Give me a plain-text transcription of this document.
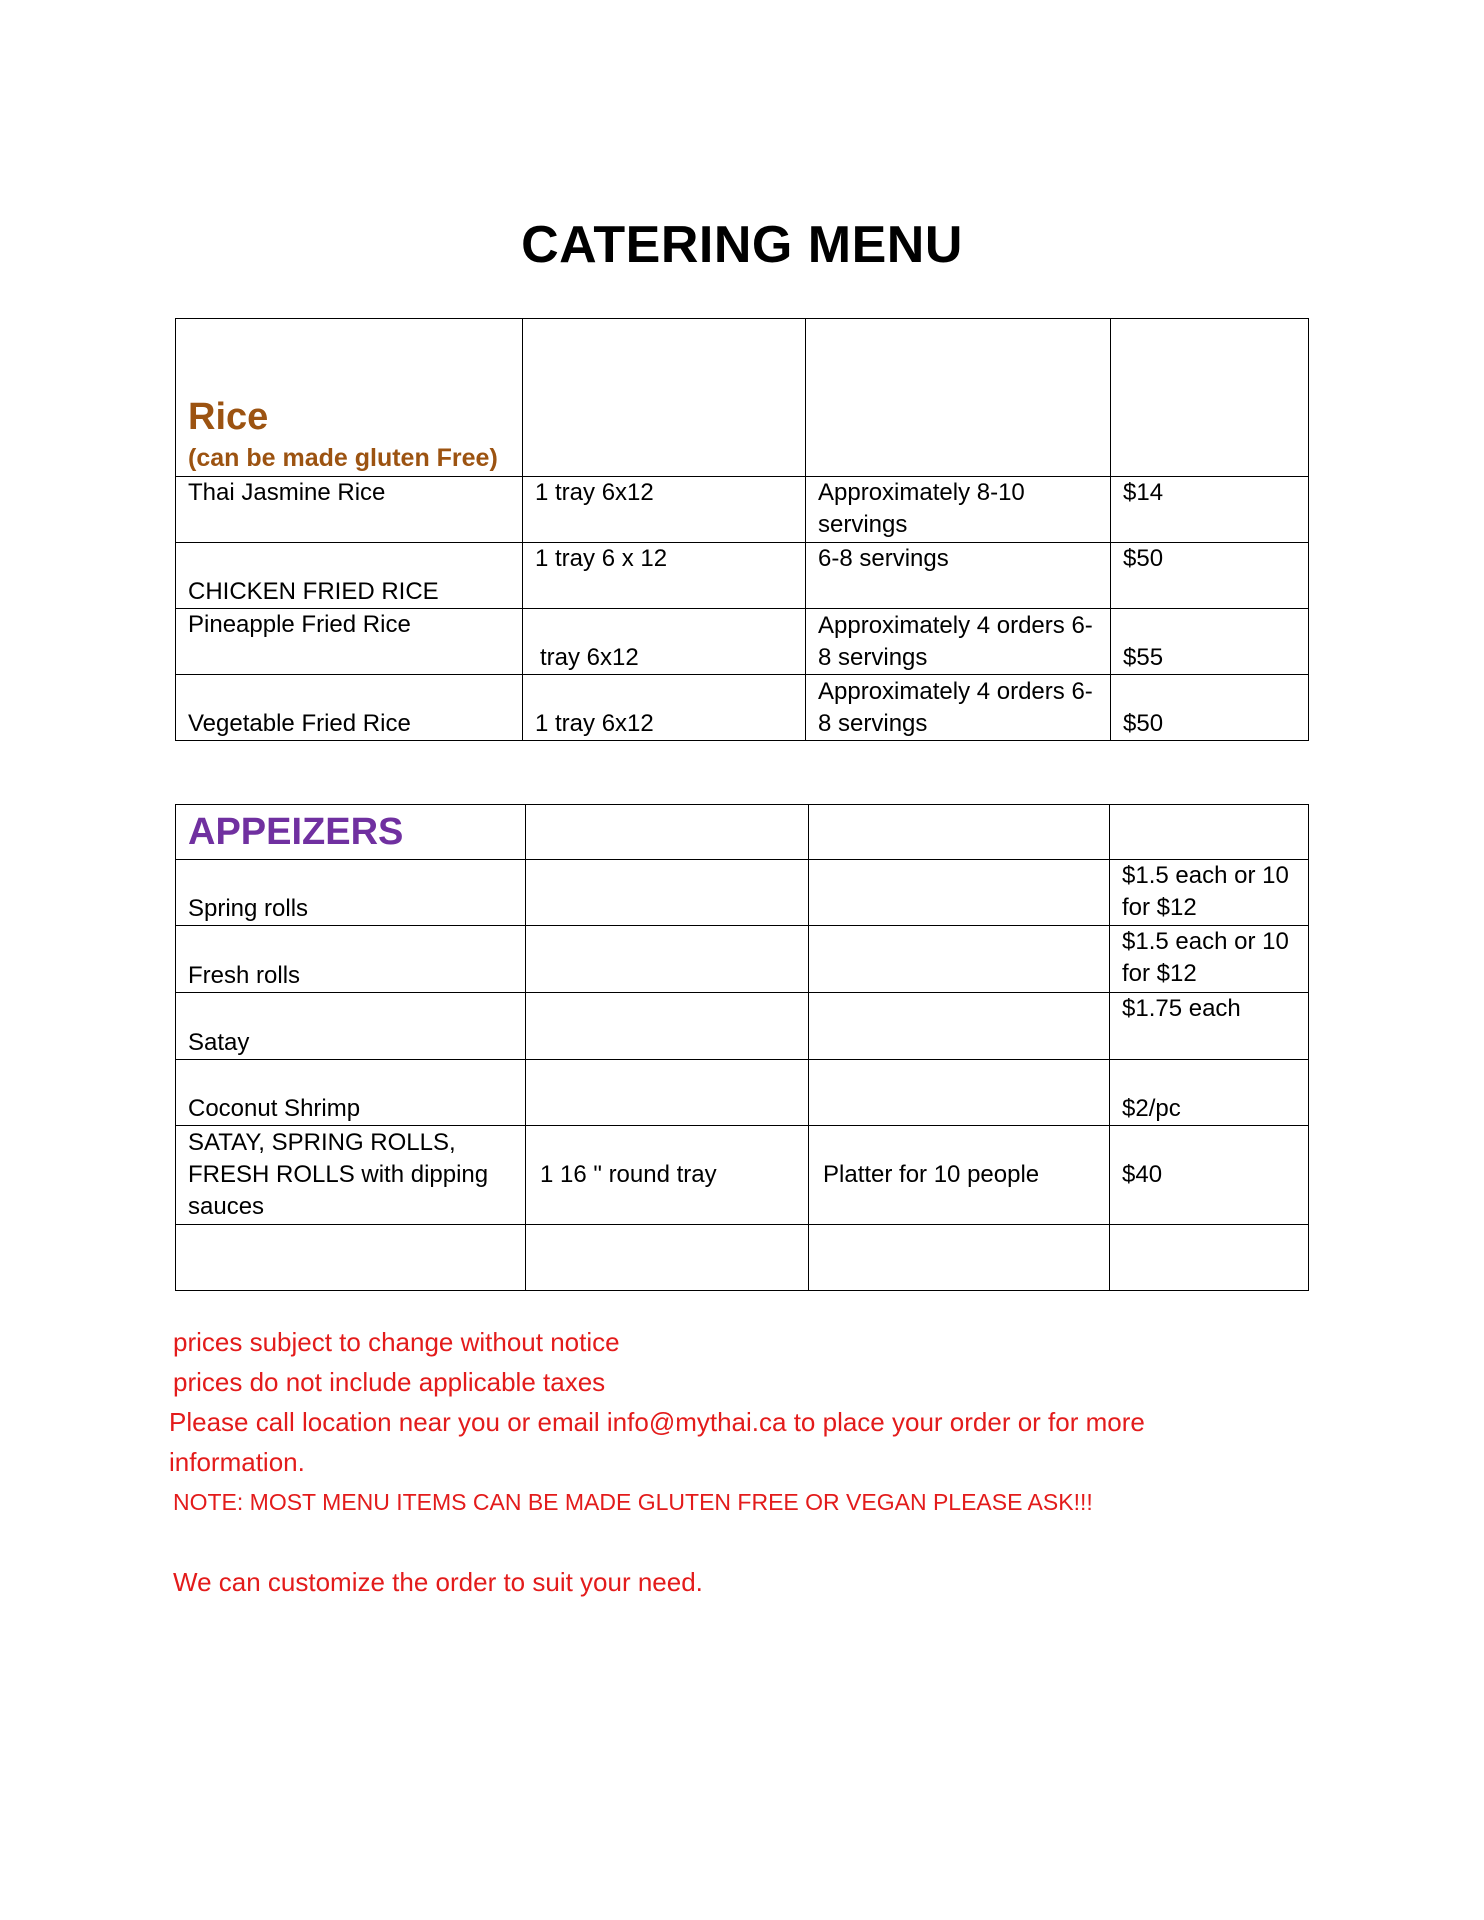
CATERING MENU
Rice
(can be made gluten Free)			

Thai Jasmine Rice	1 tray 6x12	Approximately 8-10 servings	$14
CHICKEN FRIED RICE	1 tray 6 x 12	6-8 servings	$50
Pineapple Fried Rice	tray 6x12	Approximately 4 orders 6-8 servings	$55
Vegetable Fried Rice	1 tray 6x12	Approximately 4 orders 6-8 servings	$50
APPEIZERS			
Spring rolls			$1.5 each or 10 for $12
Fresh rolls			$1.5 each or 10 for $12
Satay			$1.75 each
Coconut Shrimp			$2/pc
SATAY, SPRING ROLLS, FRESH ROLLS with dipping sauces	1 16 " round tray	Platter for 10 people	$40

prices subject to change without notice
prices do not include applicable taxes
Please call location near you or email info@mythai.ca to place your order or for more information.
NOTE: MOST MENU ITEMS CAN BE MADE GLUTEN FREE OR VEGAN PLEASE ASK!!!
We can customize the order to suit your need.
